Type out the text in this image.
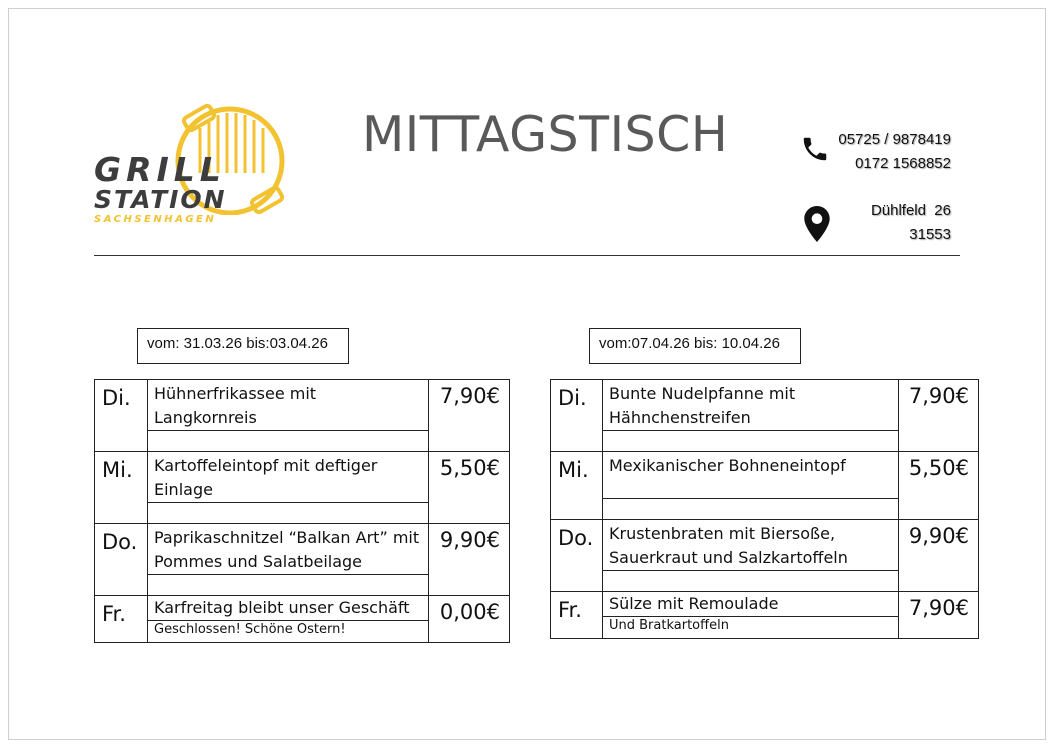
GRILL
STATION
SACHSENHAGEN
MITTAGSTISCH	05725 / 9878419
0172 1568852
Dühlfeld  26
31553
vom: 31.03.26 bis:03.04.26
Di.	Hühnerfrikassee mit Langkornreis	7,90€

Mi.	Kartoffeleintopf mit deftiger Einlage	5,50€

Do.	Paprikaschnitzel “Balkan Art” mit Pommes und Salatbeilage	9,90€

Fr.	Karfreitag bleibt unser Geschäft	0,00€
	Geschlossen! Schöne Ostern!	
vom:07.04.26 bis: 10.04.26
Di.	Bunte Nudelpfanne mit Hähnchenstreifen	7,90€

Mi.	Mexikanischer Bohneneintopf	5,50€

Do.	Krustenbraten mit Biersoße, Sauerkraut und Salzkartoffeln	9,90€

Fr.	Sülze mit Remoulade	7,90€
	Und Bratkartoffeln	
